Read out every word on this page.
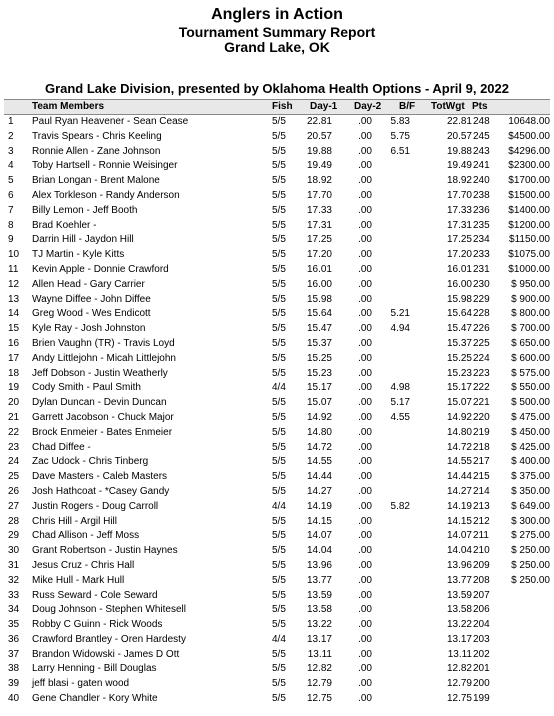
Anglers in Action
Tournament Summary Report
Grand Lake, OK
Grand Lake Division, presented by Oklahoma Health Options - April 9, 2022
Team Members	Fish Day-1 Day-2 B/F TotWgt Pts
1 Paul Ryan Heavener - Sean Cease	5/5 22.81	.00 5.83	22.81 248 10648.00
2 Travis Spears - Chris Keeling	5/5 20.57	.00 5.75	20.57 245 $4500.00
3 Ronnie Allen - Zane Johnson	5/5 19.88	.00 6.51	19.88 243 $4296.00
4 Toby Hartsell - Ronnie Weisinger	5/5 19.49	.00	19.49 241 $2300.00
5 Brian Longan - Brent Malone	5/5 18.92	.00	18.92 240 $1700.00
6 Alex Torkleson - Randy Anderson	5/5 17.70	.00	17.70 238 $1500.00
7 Billy Lemon - Jeff Booth	5/5 17.33	.00	17.33 236 $1400.00
8 Brad Koehler -	5/5 17.31	.00	17.31 235 $1200.00
9 Darrin Hill - Jaydon Hill	5/5 17.25	.00	17.25 234 $1150.00
10 TJ Martin - Kyle Kitts	5/5 17.20	.00	17.20 233 $1075.00
11 Kevin Apple - Donnie Crawford	5/5 16.01	.00	16.01 231 $1000.00
12 Allen Head - Gary Carrier	5/5 16.00	.00	16.00 230 $ 950.00
13 Wayne Diffee - John Diffee	5/5 15.98	.00	15.98 229 $ 900.00
14 Greg Wood - Wes Endicott	5/5 15.64	.00 5.21	15.64 228 $ 800.00
15 Kyle Ray - Josh Johnston	5/5 15.47	.00 4.94	15.47 226 $ 700.00
16 Brien Vaughn (TR) - Travis Loyd	5/5 15.37	.00	15.37 225 $ 650.00
17 Andy Littlejohn - Micah Littlejohn	5/5 15.25	.00	15.25 224 $ 600.00
18 Jeff Dobson - Justin Weatherly	5/5 15.23	.00	15.23 223 $ 575.00
19 Cody Smith - Paul Smith	4/4 15.17	.00 4.98	15.17 222 $ 550.00
20 Dylan Duncan - Devin Duncan	5/5 15.07	.00 5.17	15.07 221 $ 500.00
21 Garrett Jacobson - Chuck Major	5/5 14.92	.00 4.55	14.92 220 $ 475.00
22 Brock Enmeier - Bates Enmeier	5/5 14.80	.00	14.80 219 $ 450.00
23 Chad Diffee -	5/5 14.72	.00	14.72 218 $ 425.00
24 Zac Udock - Chris Tinberg	5/5 14.55	.00	14.55 217 $ 400.00
25 Dave Masters - Caleb Masters	5/5 14.44	.00	14.44 215 $ 375.00
26 Josh Hathcoat - *Casey Gandy	5/5 14.27	.00	14.27 214 $ 350.00
27 Justin Rogers - Doug Carroll	4/4 14.19	.00 5.82	14.19 213 $ 649.00
28 Chris Hill - Argil Hill	5/5 14.15	.00	14.15 212 $ 300.00
29 Chad Allison - Jeff Moss	5/5 14.07	.00	14.07 211 $ 275.00
30 Grant Robertson - Justin Haynes	5/5 14.04	.00	14.04 210 $ 250.00
31 Jesus Cruz - Chris Hall	5/5 13.96	.00	13.96 209 $ 250.00
32 Mike Hull - Mark Hull	5/5 13.77	.00	13.77 208 $ 250.00
33 Russ Seward - Cole Seward	5/5 13.59	.00	13.59 207
34 Doug Johnson - Stephen Whitesell	5/5 13.58	.00	13.58 206
35 Robby C Guinn - Rick Woods	5/5 13.22	.00	13.22 204
36 Crawford Brantley - Oren Hardesty	4/4 13.17	.00	13.17 203
37 Brandon Widowski - James D Ott	5/5 13.11	.00	13.11 202
38 Larry Henning - Bill Douglas	5/5 12.82	.00	12.82 201
39 jeff blasi - gaten wood	5/5 12.79	.00	12.79 200
40 Gene Chandler - Kory White	5/5 12.75	.00	12.75 199
